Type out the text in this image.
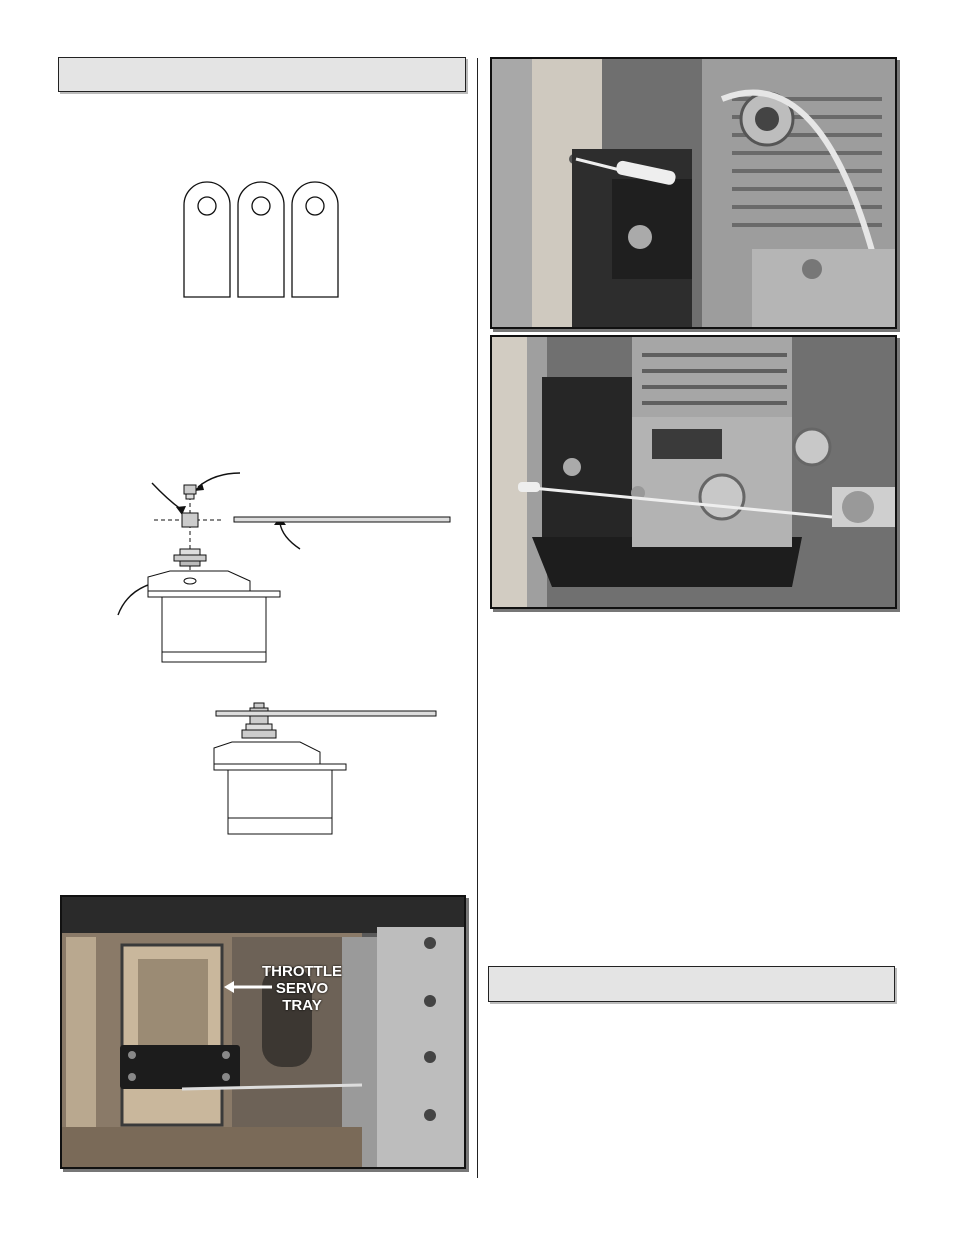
THROTTLE
SERVO
TRAY
